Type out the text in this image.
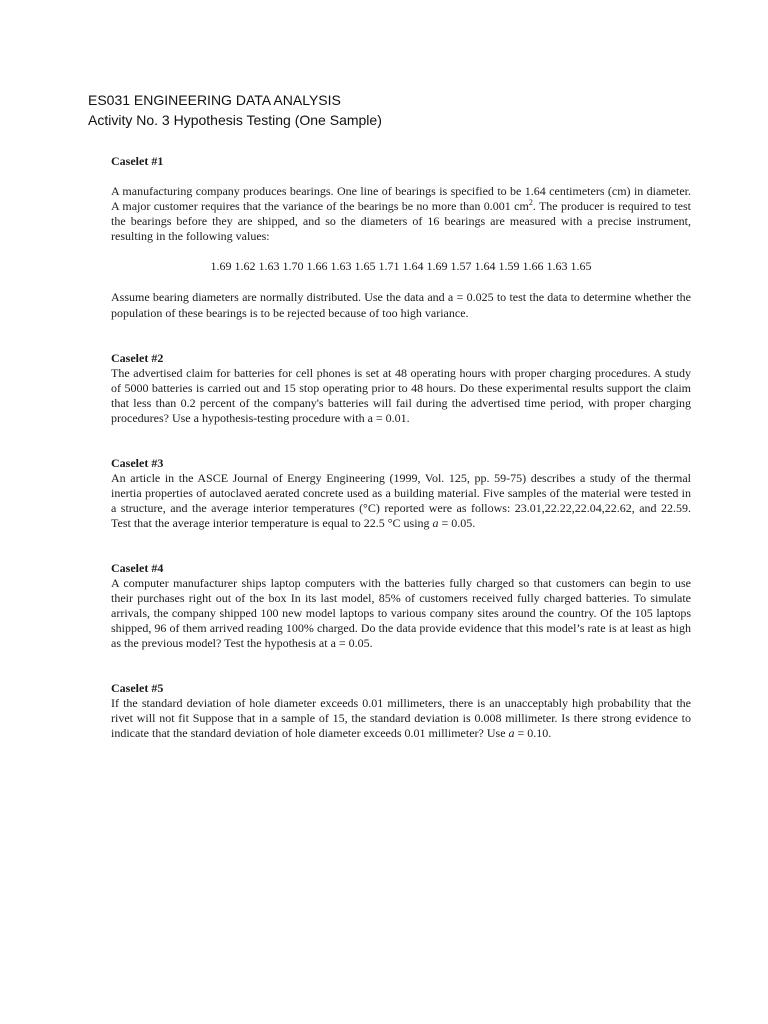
ES031 ENGINEERING DATA ANALYSIS
Activity No. 3 Hypothesis Testing (One Sample)

Caselet #1

A manufacturing company produces bearings. One line of bearings is specified to be 1.64 centimeters (cm) in diameter. A major customer requires that the variance of the bearings be no more than 0.001 $cm^2$. The producer is required to test the bearings before they are shipped, and so the diameters of 16 bearings are measured with a precise instrument, resulting in the following values:

1.69 1.62 1.63 1.70 1.66 1.63 1.65 1.71 1.64 1.69 1.57 1.64 1.59 1.66 1.63 1.65

Assume bearing diameters are normally distributed. Use the data and a = 0.025 to test the data to determine whether the population of these bearings is to be rejected because of too high variance.

Caselet #2

The advertised claim for batteries for cell phones is set at 48 operating hours with proper charging procedures. A study of 5000 batteries is carried out and 15 stop operating prior to 48 hours. Do these experimental results support the claim that less than 0.2 percent of the company's batteries will fail during the advertised time period, with proper charging procedures? Use a hypothesis-testing procedure with a = 0.01.

Caselet #3

An article in the ASCE Journal of Energy Engineering (1999, Vol. 125, pp. 59-75) describes a study of the thermal inertia properties of autoclaved aerated concrete used as a building material. Five samples of the material were tested in a structure, and the average interior temperatures (°C) reported were as follows: 23.01,22.22,22.04,22.62, and 22.59. Test that the average interior temperature is equal to 22.5 °C using a = 0.05.

Caselet #4

A computer manufacturer ships laptop computers with the batteries fully charged so that customers can begin to use their purchases right out of the box In its last model, 85% of customers received fully charged batteries. To simulate arrivals, the company shipped 100 new model laptops to various company sites around the country. Of the 105 laptops shipped, 96 of them arrived reading 100% charged. Do the data provide evidence that this model’s rate is at least as high as the previous model? Test the hypothesis at a = 0.05.

Caselet #5

If the standard deviation of hole diameter exceeds 0.01 millimeters, there is an unacceptably high probability that the rivet will not fit Suppose that in a sample of 15, the standard deviation is 0.008 millimeter. Is there strong evidence to indicate that the standard deviation of hole diameter exceeds 0.01 millimeter? Use a = 0.10.
